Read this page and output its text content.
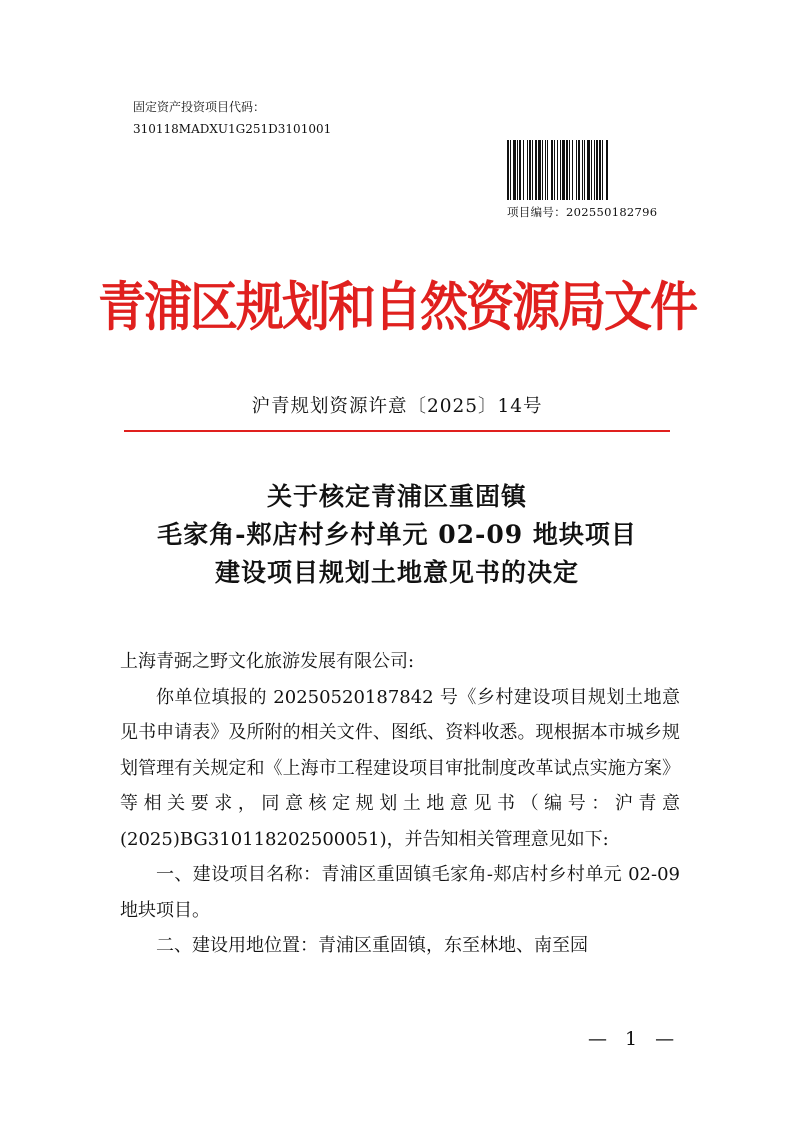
固定资产投资项目代码：
310118MADXU1G251D3101001
项目编号：202550182796
青浦区规划和自然资源局文件
沪青规划资源许意〔2025〕14号
关于核定青浦区重固镇
毛家角-郏店村乡村单元 02-09 地块项目
建设项目规划土地意见书的决定

上海青弼之野文化旅游发展有限公司:

你单位填报的 20250520187842 号《乡村建设项目规划土地意见书申请表》及所附的相关文件、图纸、资料收悉。现根据本市城乡规划管理有关规定和《上海市工程建设项目审批制度改革试点实施方案》等相关要求，同意核定规划土地意见书（编号：沪青意(2025)BG310118202500051)，并告知相关管理意见如下:

一、建设项目名称：青浦区重固镇毛家角-郏店村乡村单元 02-09 地块项目。

二、建设用地位置：青浦区重固镇，东至林地、南至园

— 1 —
